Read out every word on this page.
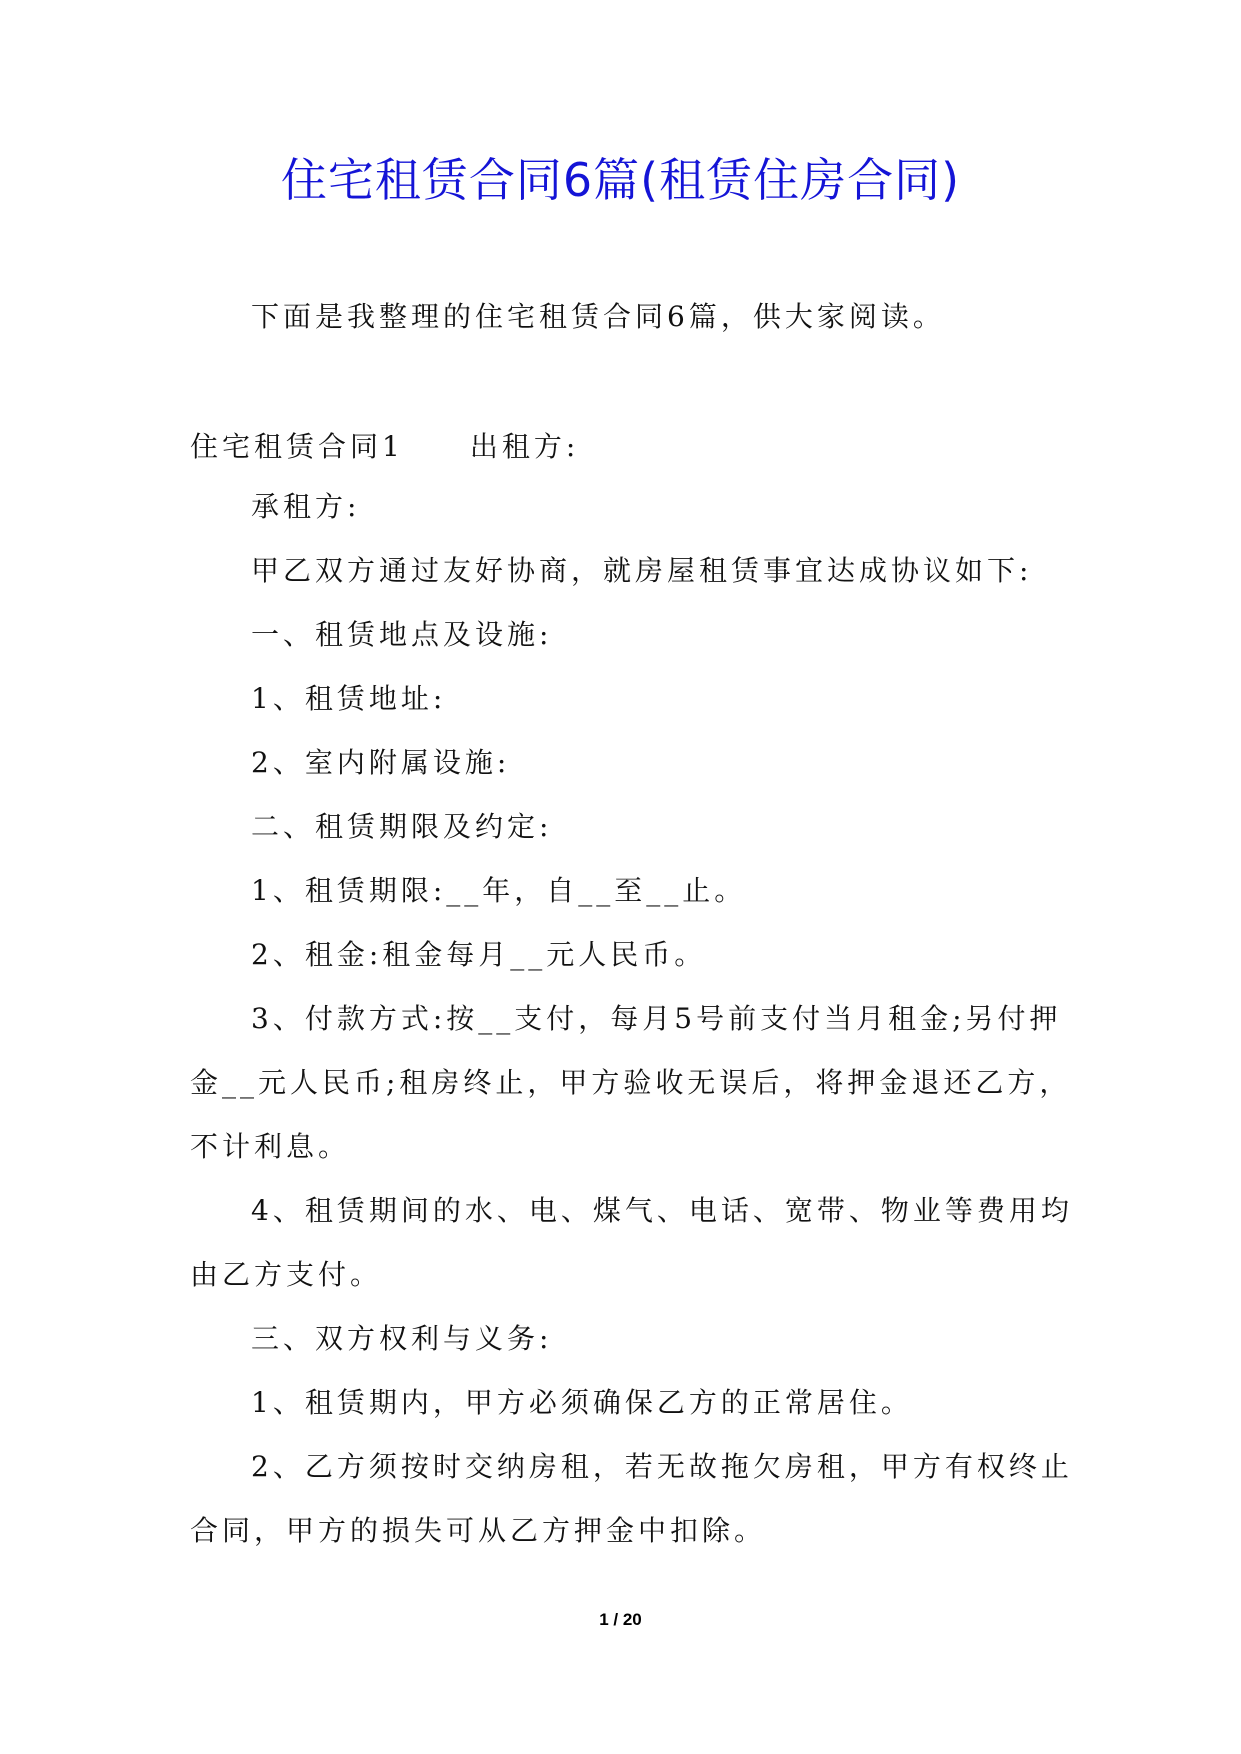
住宅租赁合同6篇(租赁住房合同)
下面是我整理的住宅租赁合同6篇，供大家阅读。
住宅租赁合同1 出租方:
承租方:
甲乙双方通过友好协商，就房屋租赁事宜达成协议如下:
一、租赁地点及设施:
1、租赁地址:
2、室内附属设施:
二、租赁期限及约定:
1、租赁期限:__年，自__至__止。
2、租金:租金每月__元人民币。
3、付款方式:按__支付，每月5号前支付当月租金;另付押
金__元人民币;租房终止，甲方验收无误后，将押金退还乙方，
不计利息。
4、租赁期间的水、电、煤气、电话、宽带、物业等费用均
由乙方支付。
三、双方权利与义务:
1、租赁期内，甲方必须确保乙方的正常居住。
2、乙方须按时交纳房租，若无故拖欠房租，甲方有权终止
合同，甲方的损失可从乙方押金中扣除。
1 / 20
